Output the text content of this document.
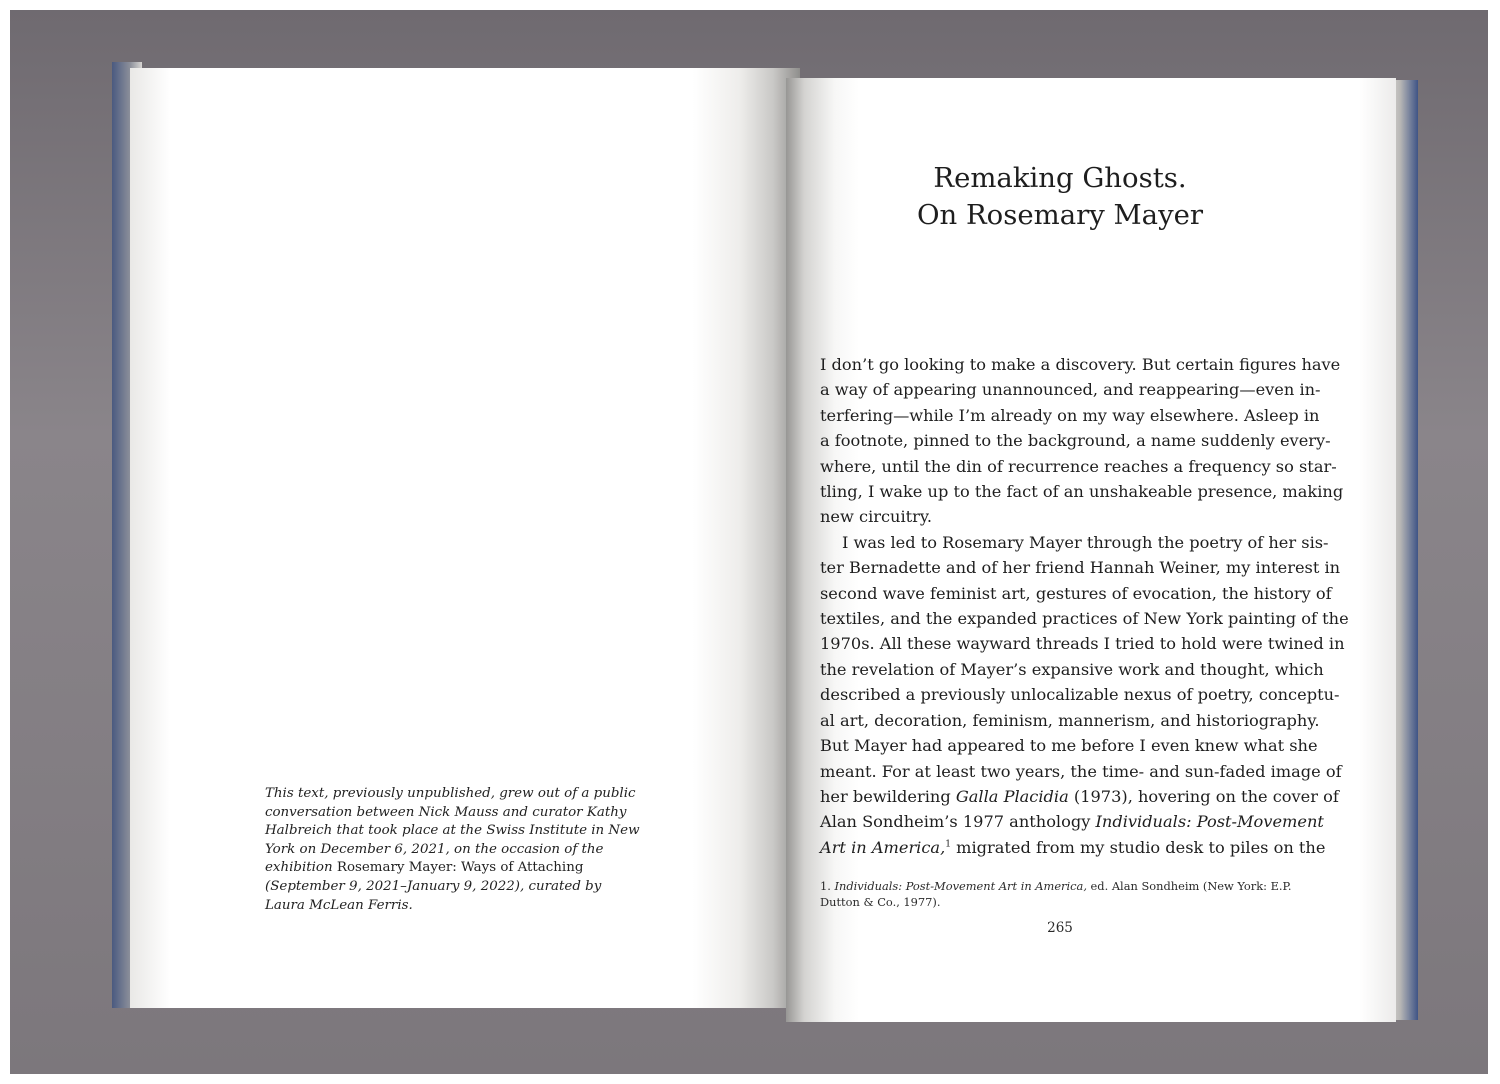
This text, previously unpublished, grew out of a public conversation between Nick Mauss and curator Kathy Halbreich that took place at the Swiss Institute in New York on December 6, 2021, on the occasion of the exhibition Rosemary Mayer: Ways of Attaching (September 9, 2021–January 9, 2022), curated by Laura McLean Ferris.
Remaking Ghosts.
On Rosemary Mayer
I don’t go looking to make a discovery. But certain figures have
a way of appearing unannounced, and reappearing—even in-
terfering—while I’m already on my way elsewhere. Asleep in
a footnote, pinned to the background, a name suddenly every-
where, until the din of recurrence reaches a frequency so star-
tling, I wake up to the fact of an unshakeable presence, making
new circuitry.
I was led to Rosemary Mayer through the poetry of her sis-
ter Bernadette and of her friend Hannah Weiner, my interest in
second wave feminist art, gestures of evocation, the history of
textiles, and the expanded practices of New York painting of the
1970s. All these wayward threads I tried to hold were twined in
the revelation of Mayer’s expansive work and thought, which
described a previously unlocalizable nexus of poetry, conceptu-
al art, decoration, feminism, mannerism, and historiography.
But Mayer had appeared to me before I even knew what she
meant. For at least two years, the time- and sun-faded image of
her bewildering Galla Placidia (1973), hovering on the cover of
Alan Sondheim’s 1977 anthology Individuals: Post-Movement
Art in America,$^1$ migrated from my studio desk to piles on the
1. Individuals: Post-Movement Art in America, ed. Alan Sondheim (New York: E.P. Dutton & Co., 1977).
265
